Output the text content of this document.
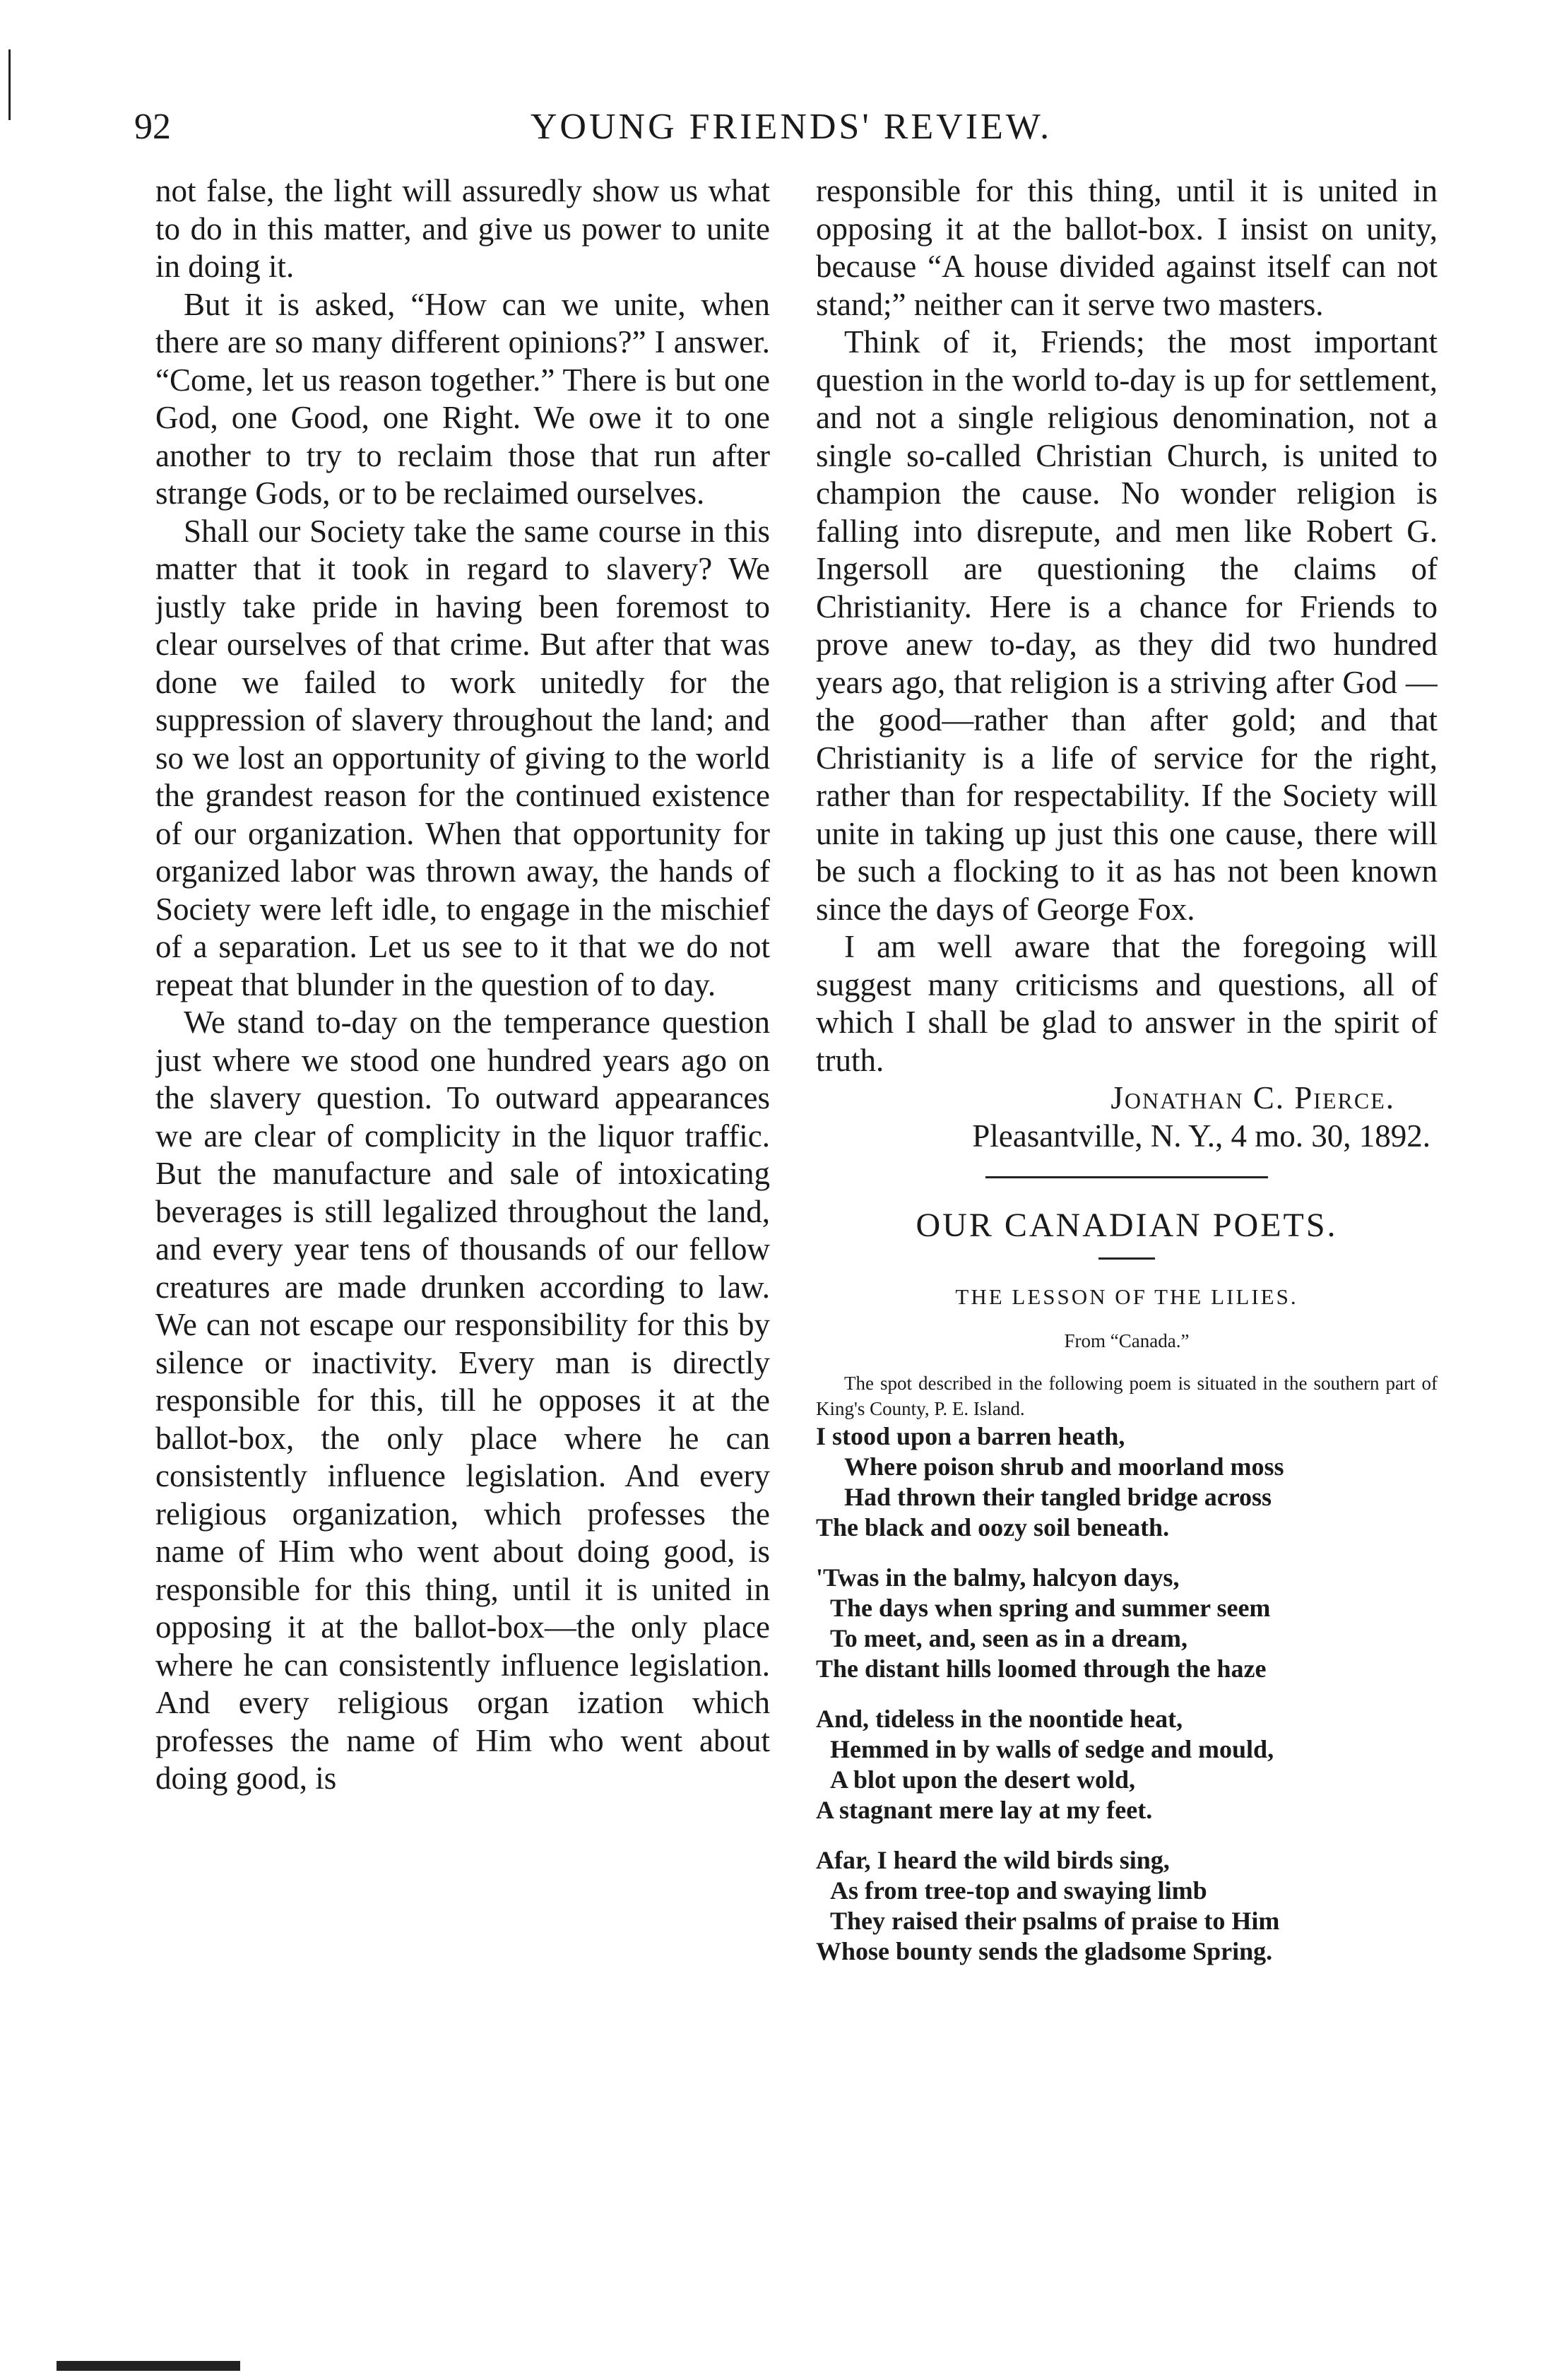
92	YOUNG FRIENDS' REVIEW.

not false, the light will assuredly show us what to do in this matter, and give us power to unite in doing it.

But it is asked, “How can we unite, when there are so many different opinions?” I answer. “Come, let us reason together.” There is but one God, one Good, one Right. We owe it to one another to try to reclaim those that run after strange Gods, or to be reclaimed ourselves.

Shall our Society take the same course in this matter that it took in regard to slavery? We justly take pride in having been foremost to clear ourselves of that crime. But after that was done we failed to work unitedly for the suppression of slavery throughout the land; and so we lost an opportunity of giving to the world the grandest reason for the continued existence of our organization. When that opportunity for organized labor was thrown away, the hands of Society were left idle, to engage in the mischief of a separation. Let us see to it that we do not repeat that blunder in the question of to day.

We stand to-day on the temperance question just where we stood one hundred years ago on the slavery question. To outward appearances we are clear of complicity in the liquor traffic. But the manufacture and sale of intoxicating beverages is still legalized throughout the land, and every year tens of thousands of our fellow creatures are made drunken according to law. We can not escape our responsibility for this by silence or inactivity. Every man is directly responsible for this, till he opposes it at the ballot-box, the only place where he can consistently influence legislation. And every religious organization, which professes the name of Him who went about doing good, is responsible for this thing, until it is united in opposing it at the ballot-box—the only place where he can consistently influence legislation. And every religious organ ization which professes the name of Him who went about doing good, is

responsible for this thing, until it is united in opposing it at the ballot-box. I insist on unity, because “A house divided against itself can not stand;” neither can it serve two masters.

Think of it, Friends; the most important question in the world to-day is up for settlement, and not a single religious denomination, not a single so-called Christian Church, is united to champion the cause. No wonder religion is falling into disrepute, and men like Robert G. Ingersoll are questioning the claims of Christianity. Here is a chance for Friends to prove anew to-day, as they did two hundred years ago, that religion is a striving after God —the good—rather than after gold; and that Christianity is a life of service for the right, rather than for respectability. If the Society will unite in taking up just this one cause, there will be such a flocking to it as has not been known since the days of George Fox.

I am well aware that the foregoing will suggest many criticisms and questions, all of which I shall be glad to answer in the spirit of truth.

Jonathan C. Pierce.

Pleasantville, N. Y., 4 mo. 30, 1892.

OUR CANADIAN POETS.
THE LESSON OF THE LILIES.
From “Canada.”

The spot described in the following poem is situated in the southern part of King's County, P. E. Island.

I stood upon a barren heath,
Where poison shrub and moorland moss
Had thrown their tangled bridge across
The black and oozy soil beneath.
'Twas in the balmy, halcyon days,
The days when spring and summer seem
To meet, and, seen as in a dream,
The distant hills loomed through the haze
And, tideless in the noontide heat,
Hemmed in by walls of sedge and mould,
A blot upon the desert wold,
A stagnant mere lay at my feet.
Afar, I heard the wild birds sing,
As from tree-top and swaying limb
They raised their psalms of praise to Him
Whose bounty sends the gladsome Spring.
